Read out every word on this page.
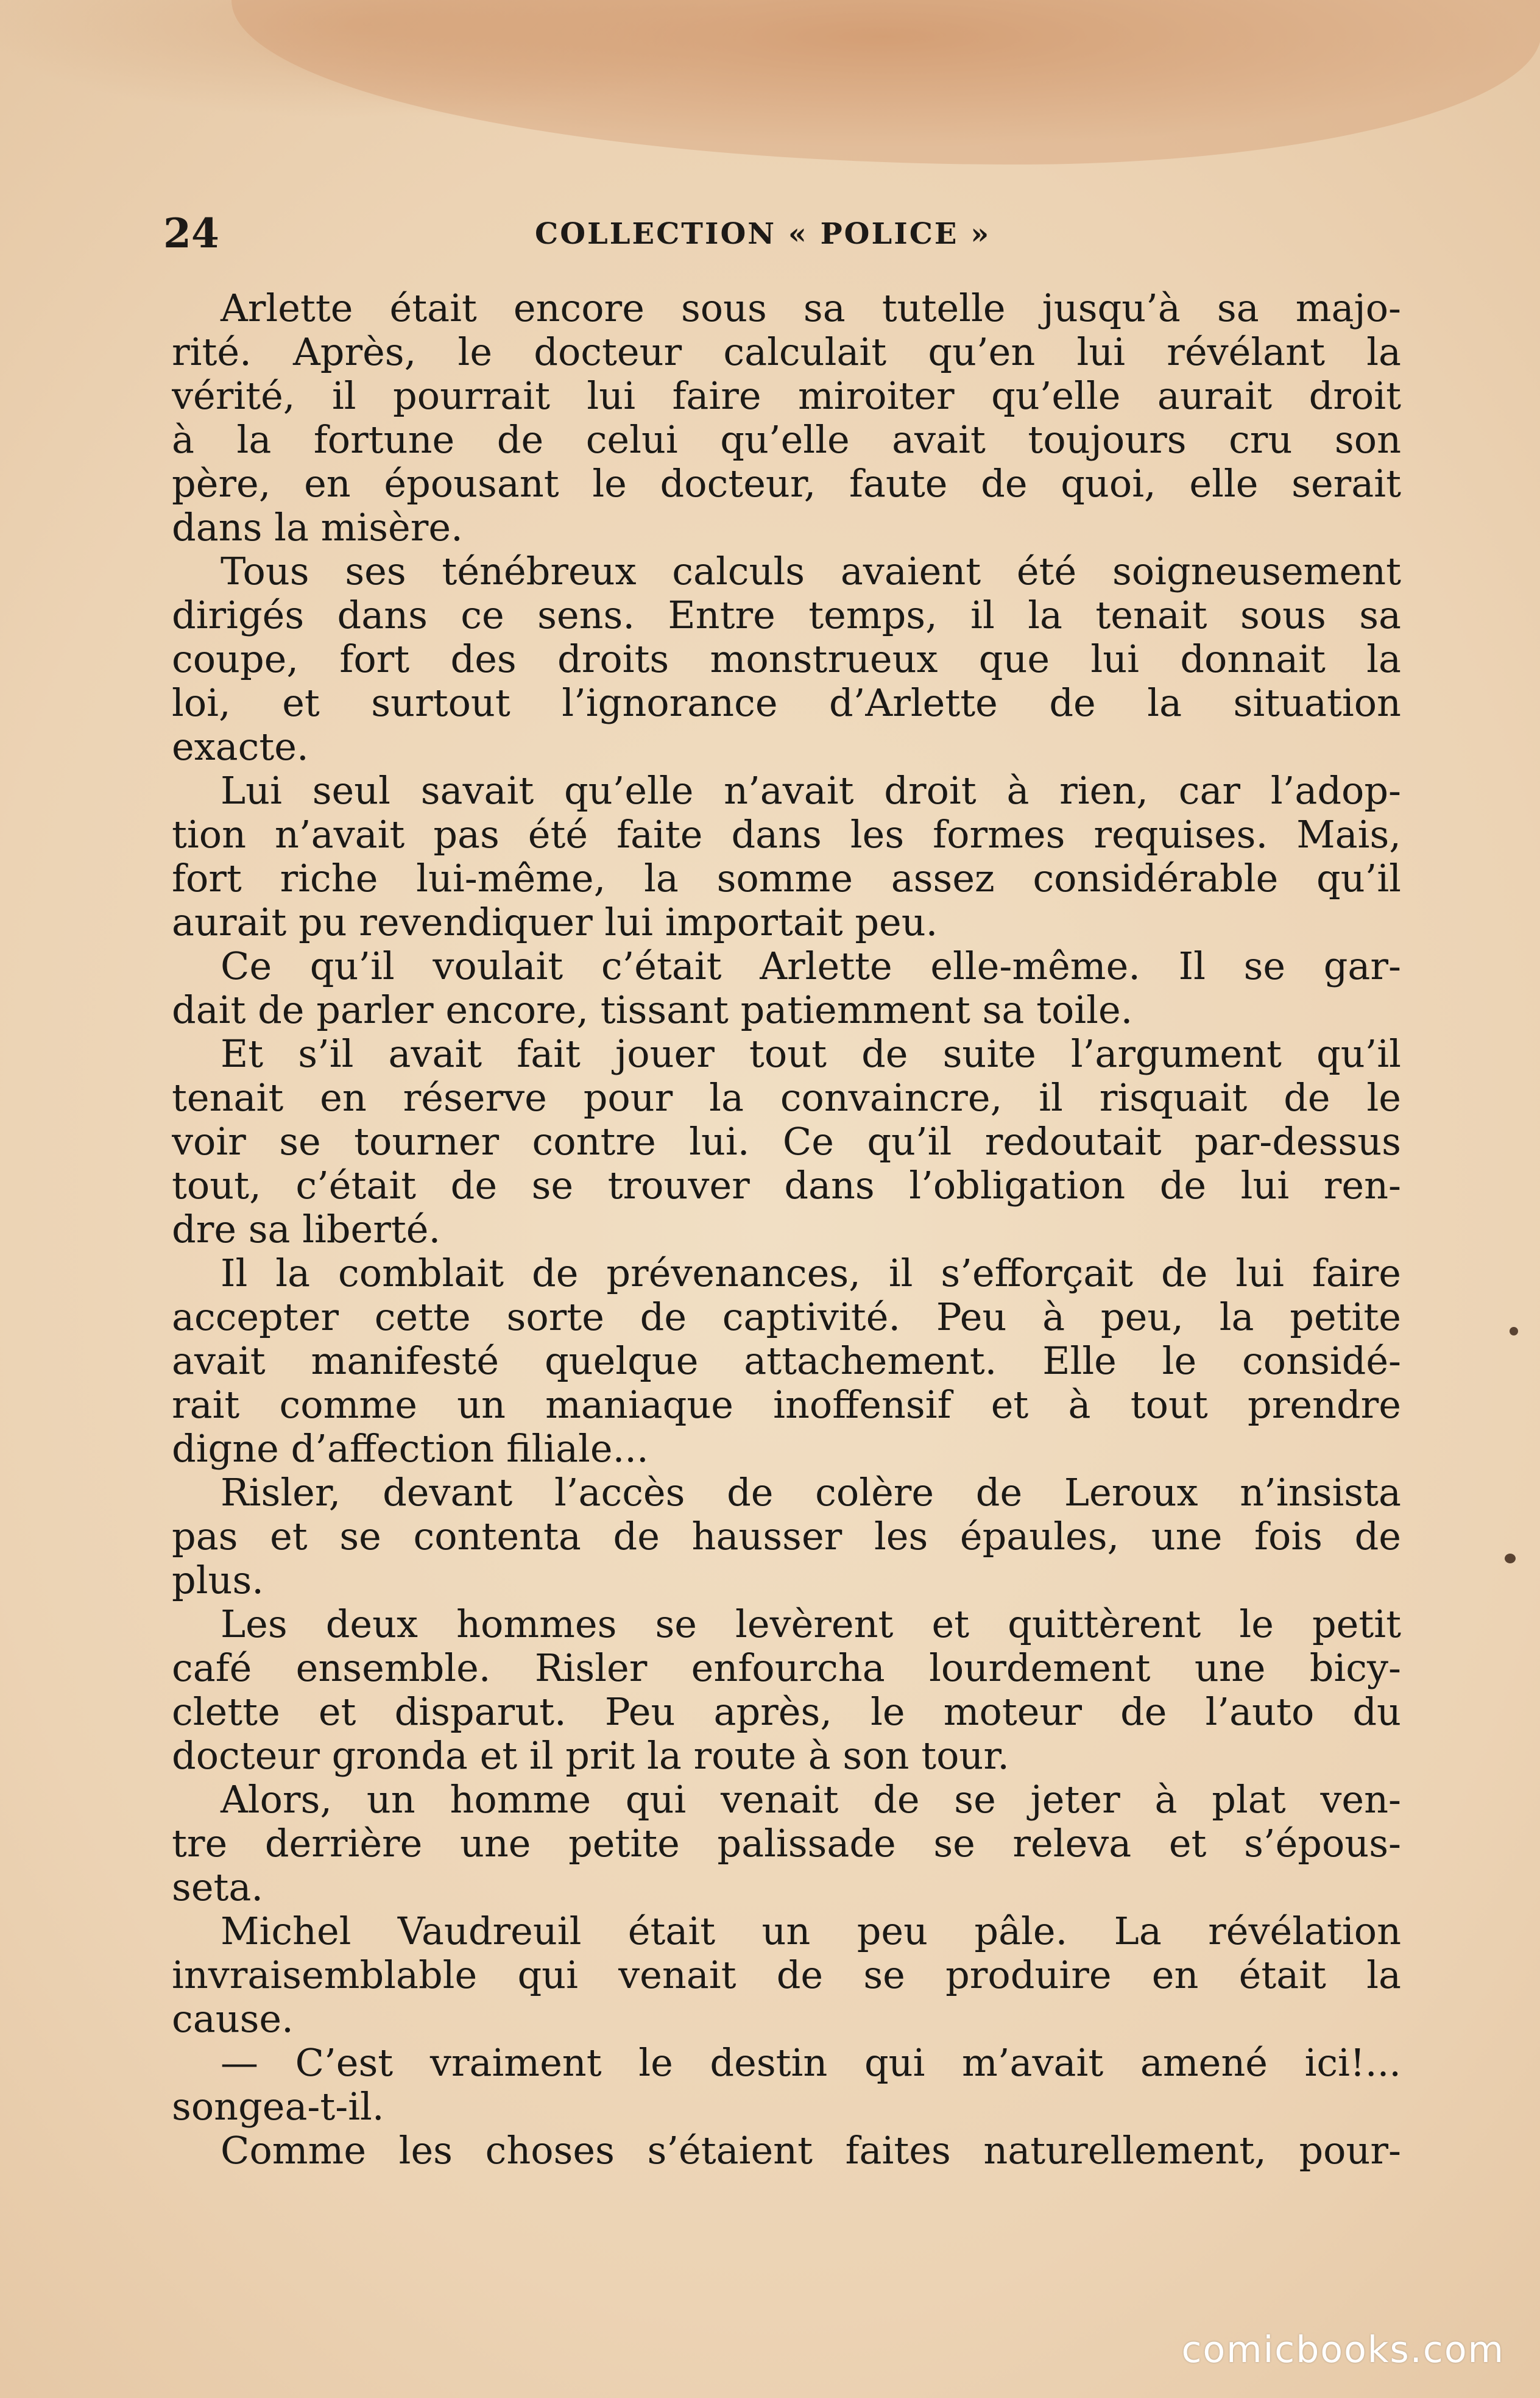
24	COLLECTION « POLICE »
Arlette était encore sous sa tutelle jusqu’à sa majo-
rité. Après, le docteur calculait qu’en lui révélant la
vérité, il pourrait lui faire miroiter qu’elle aurait droit
à la fortune de celui qu’elle avait toujours cru son
père, en épousant le docteur, faute de quoi, elle serait
dans la misère.
Tous ses ténébreux calculs avaient été soigneusement
dirigés dans ce sens. Entre temps, il la tenait sous sa
coupe, fort des droits monstrueux que lui donnait la
loi, et surtout l’ignorance d’Arlette de la situation
exacte.
Lui seul savait qu’elle n’avait droit à rien, car l’adop-
tion n’avait pas été faite dans les formes requises. Mais,
fort riche lui-même, la somme assez considérable qu’il
aurait pu revendiquer lui importait peu.
Ce qu’il voulait c’était Arlette elle-même. Il se gar-
dait de parler encore, tissant patiemment sa toile.
Et s’il avait fait jouer tout de suite l’argument qu’il
tenait en réserve pour la convaincre, il risquait de le
voir se tourner contre lui. Ce qu’il redoutait par-dessus
tout, c’était de se trouver dans l’obligation de lui ren-
dre sa liberté.
Il la comblait de prévenances, il s’efforçait de lui faire
accepter cette sorte de captivité. Peu à peu, la petite
avait manifesté quelque attachement. Elle le considé-
rait comme un maniaque inoffensif et à tout prendre
digne d’affection filiale...
Risler, devant l’accès de colère de Leroux n’insista
pas et se contenta de hausser les épaules, une fois de
plus.
Les deux hommes se levèrent et quittèrent le petit
café ensemble. Risler enfourcha lourdement une bicy-
clette et disparut. Peu après, le moteur de l’auto du
docteur gronda et il prit la route à son tour.
Alors, un homme qui venait de se jeter à plat ven-
tre derrière une petite palissade se releva et s’épous-
seta.
Michel Vaudreuil était un peu pâle. La révélation
invraisemblable qui venait de se produire en était la
cause.
— C’est vraiment le destin qui m’avait amené ici!...
songea-t-il.
Comme les choses s’étaient faites naturellement, pour-
comicbooks.com
